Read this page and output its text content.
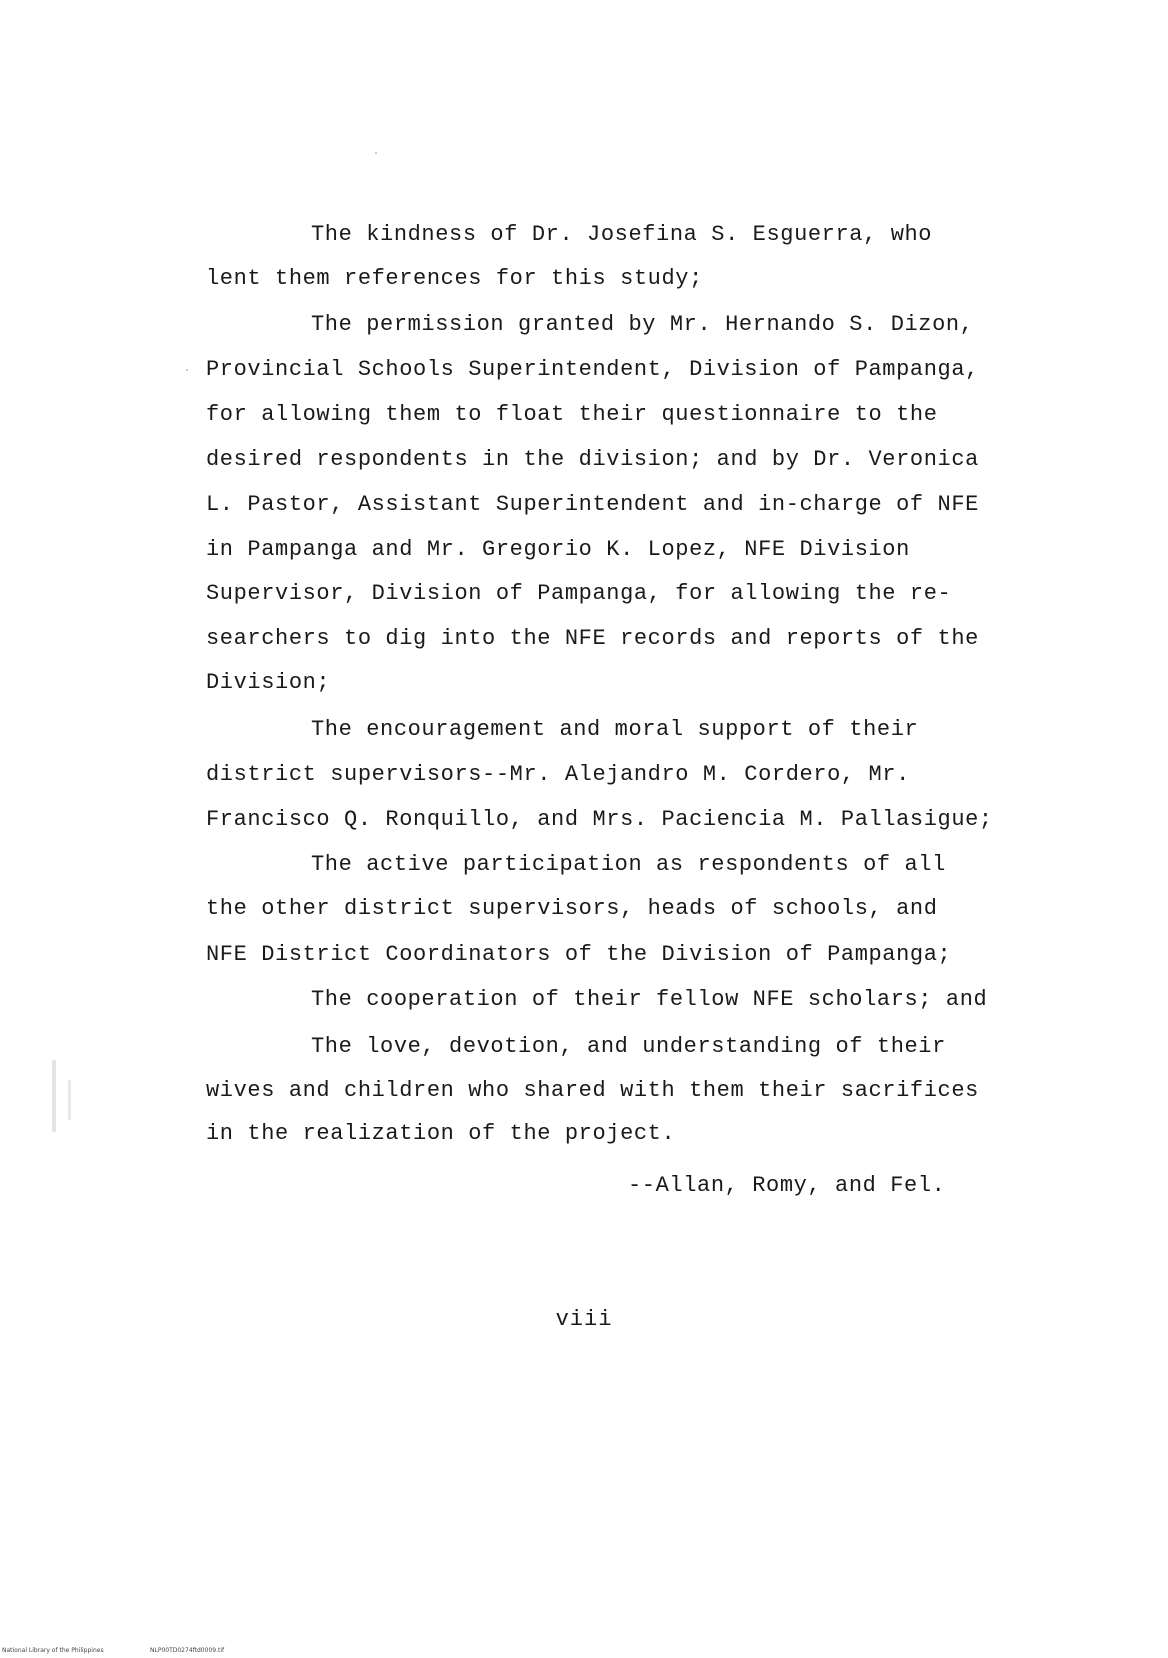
The kindness of Dr. Josefina S. Esguerra, who
lent them references for this study;
The permission granted by Mr. Hernando S. Dizon,
Provincial Schools Superintendent, Division of Pampanga,
for allowing them to float their questionnaire to the
desired respondents in the division; and by Dr. Veronica
L. Pastor, Assistant Superintendent and in-charge of NFE
in Pampanga and Mr. Gregorio K. Lopez, NFE Division
Supervisor, Division of Pampanga, for allowing the re-
searchers to dig into the NFE records and reports of the
Division;
The encouragement and moral support of their
district supervisors--Mr. Alejandro M. Cordero, Mr.
Francisco Q. Ronquillo, and Mrs. Paciencia M. Pallasigue;
The active participation as respondents of all
the other district supervisors, heads of schools, and
NFE District Coordinators of the Division of Pampanga;
The cooperation of their fellow NFE scholars; and
The love, devotion, and understanding of their
wives and children who shared with them their sacrifices
in the realization of the project.
--Allan, Romy, and Fel.
viii
National Library of the Philippines	NLP00TD0274ftd0009.tif
